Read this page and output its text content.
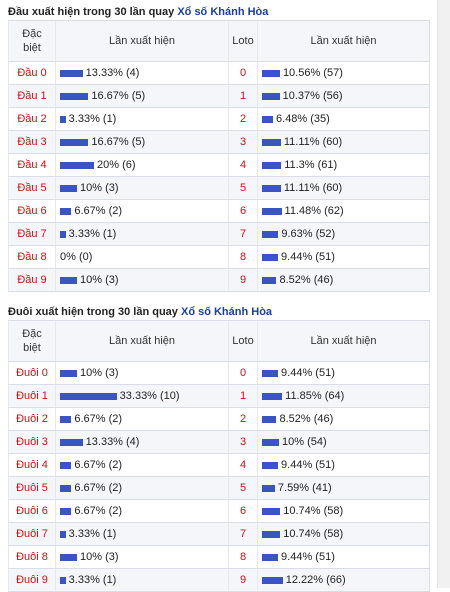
Đầu xuất hiện trong 30 lần quay Xổ số Khánh Hòa
Đặc
biệt	Lần xuất hiện	Loto	Lần xuất hiện
Đầu 0	13.33% (4)	0	10.56% (57)
Đầu 1	16.67% (5)	1	10.37% (56)
Đầu 2	3.33% (1)	2	6.48% (35)
Đầu 3	16.67% (5)	3	11.11% (60)
Đầu 4	20% (6)	4	11.3% (61)
Đầu 5	10% (3)	5	11.11% (60)
Đầu 6	6.67% (2)	6	11.48% (62)
Đầu 7	3.33% (1)	7	9.63% (52)
Đầu 8	0% (0)	8	9.44% (51)
Đầu 9	10% (3)	9	8.52% (46)
Đuôi xuất hiện trong 30 lần quay Xổ số Khánh Hòa
Đặc
biệt	Lần xuất hiện	Loto	Lần xuất hiện
Đuôi 0	10% (3)	0	9.44% (51)
Đuôi 1	33.33% (10)	1	11.85% (64)
Đuôi 2	6.67% (2)	2	8.52% (46)
Đuôi 3	13.33% (4)	3	10% (54)
Đuôi 4	6.67% (2)	4	9.44% (51)
Đuôi 5	6.67% (2)	5	7.59% (41)
Đuôi 6	6.67% (2)	6	10.74% (58)
Đuôi 7	3.33% (1)	7	10.74% (58)
Đuôi 8	10% (3)	8	9.44% (51)
Đuôi 9	3.33% (1)	9	12.22% (66)
